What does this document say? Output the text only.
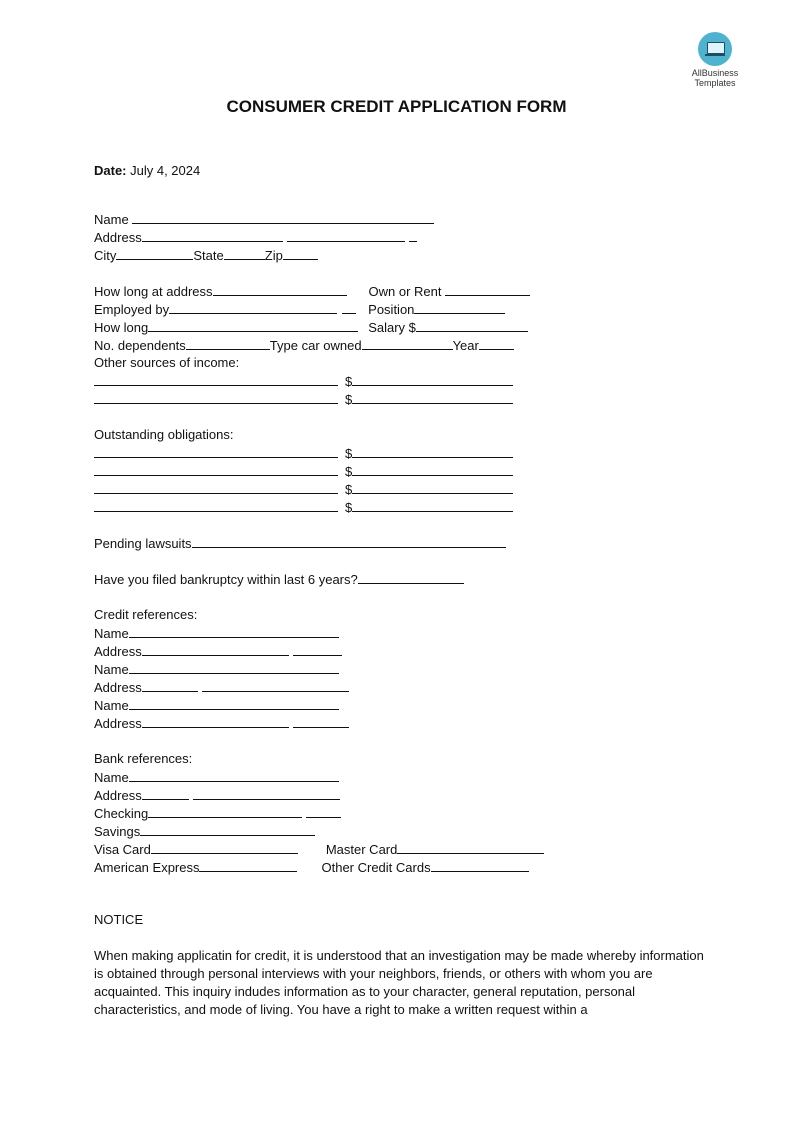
AllBusiness
Templates
CONSUMER CREDIT APPLICATION FORM
Date: July 4, 2024
Name
Address
City	State	Zip
How long at address	Own or Rent
Employed by	Position
How long	Salary $
No. dependents	Type car owned	Year
Other sources of income:
$
$
Outstanding obligations:
$
$
$
$
Pending lawsuits
Have you filed bankruptcy within last 6 years?
Credit references:
Name
Address
Name
Address
Name
Address
Bank references:
Name
Address
Checking
Savings
Visa Card	Master Card
American Express	Other Credit Cards
NOTICE
When making applicatin for credit, it is understood that an investigation may be made whereby information is obtained through personal interviews with your neighbors, friends, or others with whom you are acquainted. This inquiry indudes information as to your character, general reputation, personal characteristics, and mode of living. You have a right to make a written request within a
